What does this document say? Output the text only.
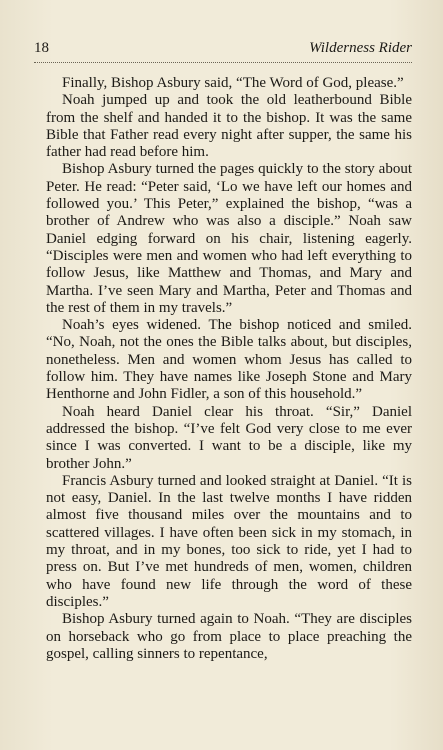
18	Wilderness Rider

Finally, Bishop Asbury said, “The Word of God, please.”

Noah jumped up and took the old leatherbound Bible from the shelf and handed it to the bishop. It was the same Bible that Father read every night after supper, the same his father had read before him.

Bishop Asbury turned the pages quickly to the story about Peter. He read: “Peter said, ‘Lo we have left our homes and followed you.’ This Peter,” explained the bishop, “was a brother of Andrew who was also a disciple.” Noah saw Daniel edging forward on his chair, listening eagerly. “Disciples were men and women who had left everything to follow Jesus, like Matthew and Thomas, and Mary and Martha. I’ve seen Mary and Martha, Peter and Thomas and the rest of them in my travels.”

Noah’s eyes widened. The bishop noticed and smiled. “No, Noah, not the ones the Bible talks about, but disciples, nonetheless. Men and women whom Jesus has called to follow him. They have names like Joseph Stone and Mary Henthorne and John Fidler, a son of this household.”

Noah heard Daniel clear his throat. “Sir,” Daniel addressed the bishop. “I’ve felt God very close to me ever since I was converted. I want to be a disciple, like my brother John.”

Francis Asbury turned and looked straight at Daniel. “It is not easy, Daniel. In the last twelve months I have ridden almost five thousand miles over the mountains and to scattered villages. I have often been sick in my stomach, in my throat, and in my bones, too sick to ride, yet I had to press on. But I’ve met hundreds of men, women, children who have found new life through the word of these disciples.”

Bishop Asbury turned again to Noah. “They are disciples on horseback who go from place to place preaching the gospel, calling sinners to repentance,
